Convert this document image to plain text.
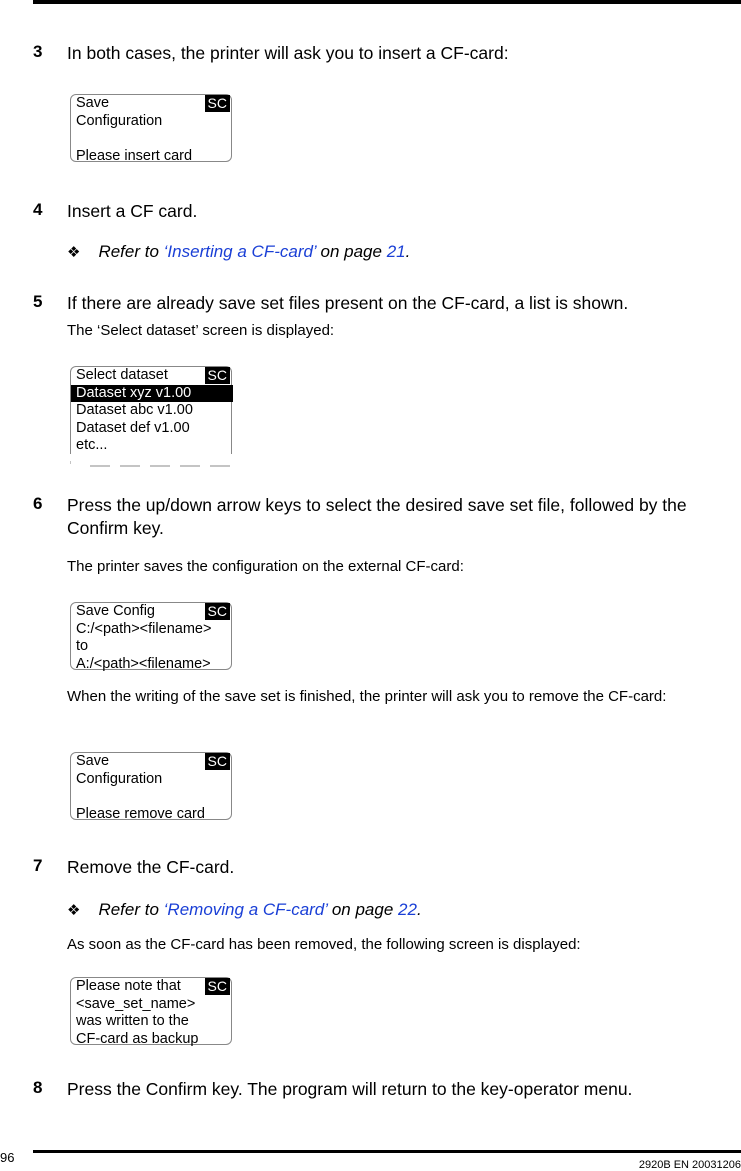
3 In both cases, the printer will ask you to insert a CF-card:
SC
Save
Configuration
Please insert card
4 Insert a CF card.
❖ Refer to ‘Inserting a CF-card’ on page 21.
5 If there are already save set files present on the CF-card, a list is shown.
The ‘Select dataset’ screen is displayed:
SC
Select dataset
Dataset xyz v1.00
Dataset abc v1.00
Dataset def v1.00
etc...
6 Press the up/down arrow keys to select the desired save set file, followed by the Confirm key.
The printer saves the configuration on the external CF-card:
SC
Save Config
C:/<path><filename>
to
A:/<path><filename>
When the writing of the save set is finished, the printer will ask you to remove the CF-card:
SC
Save
Configuration
Please remove card
7 Remove the CF-card.
❖ Refer to ‘Removing a CF-card’ on page 22.
As soon as the CF-card has been removed, the following screen is displayed:
SC
Please note that
<save_set_name>
was written to the
CF-card as backup
8 Press the Confirm key. The program will return to the key-operator menu.
96	2920B EN 20031206
